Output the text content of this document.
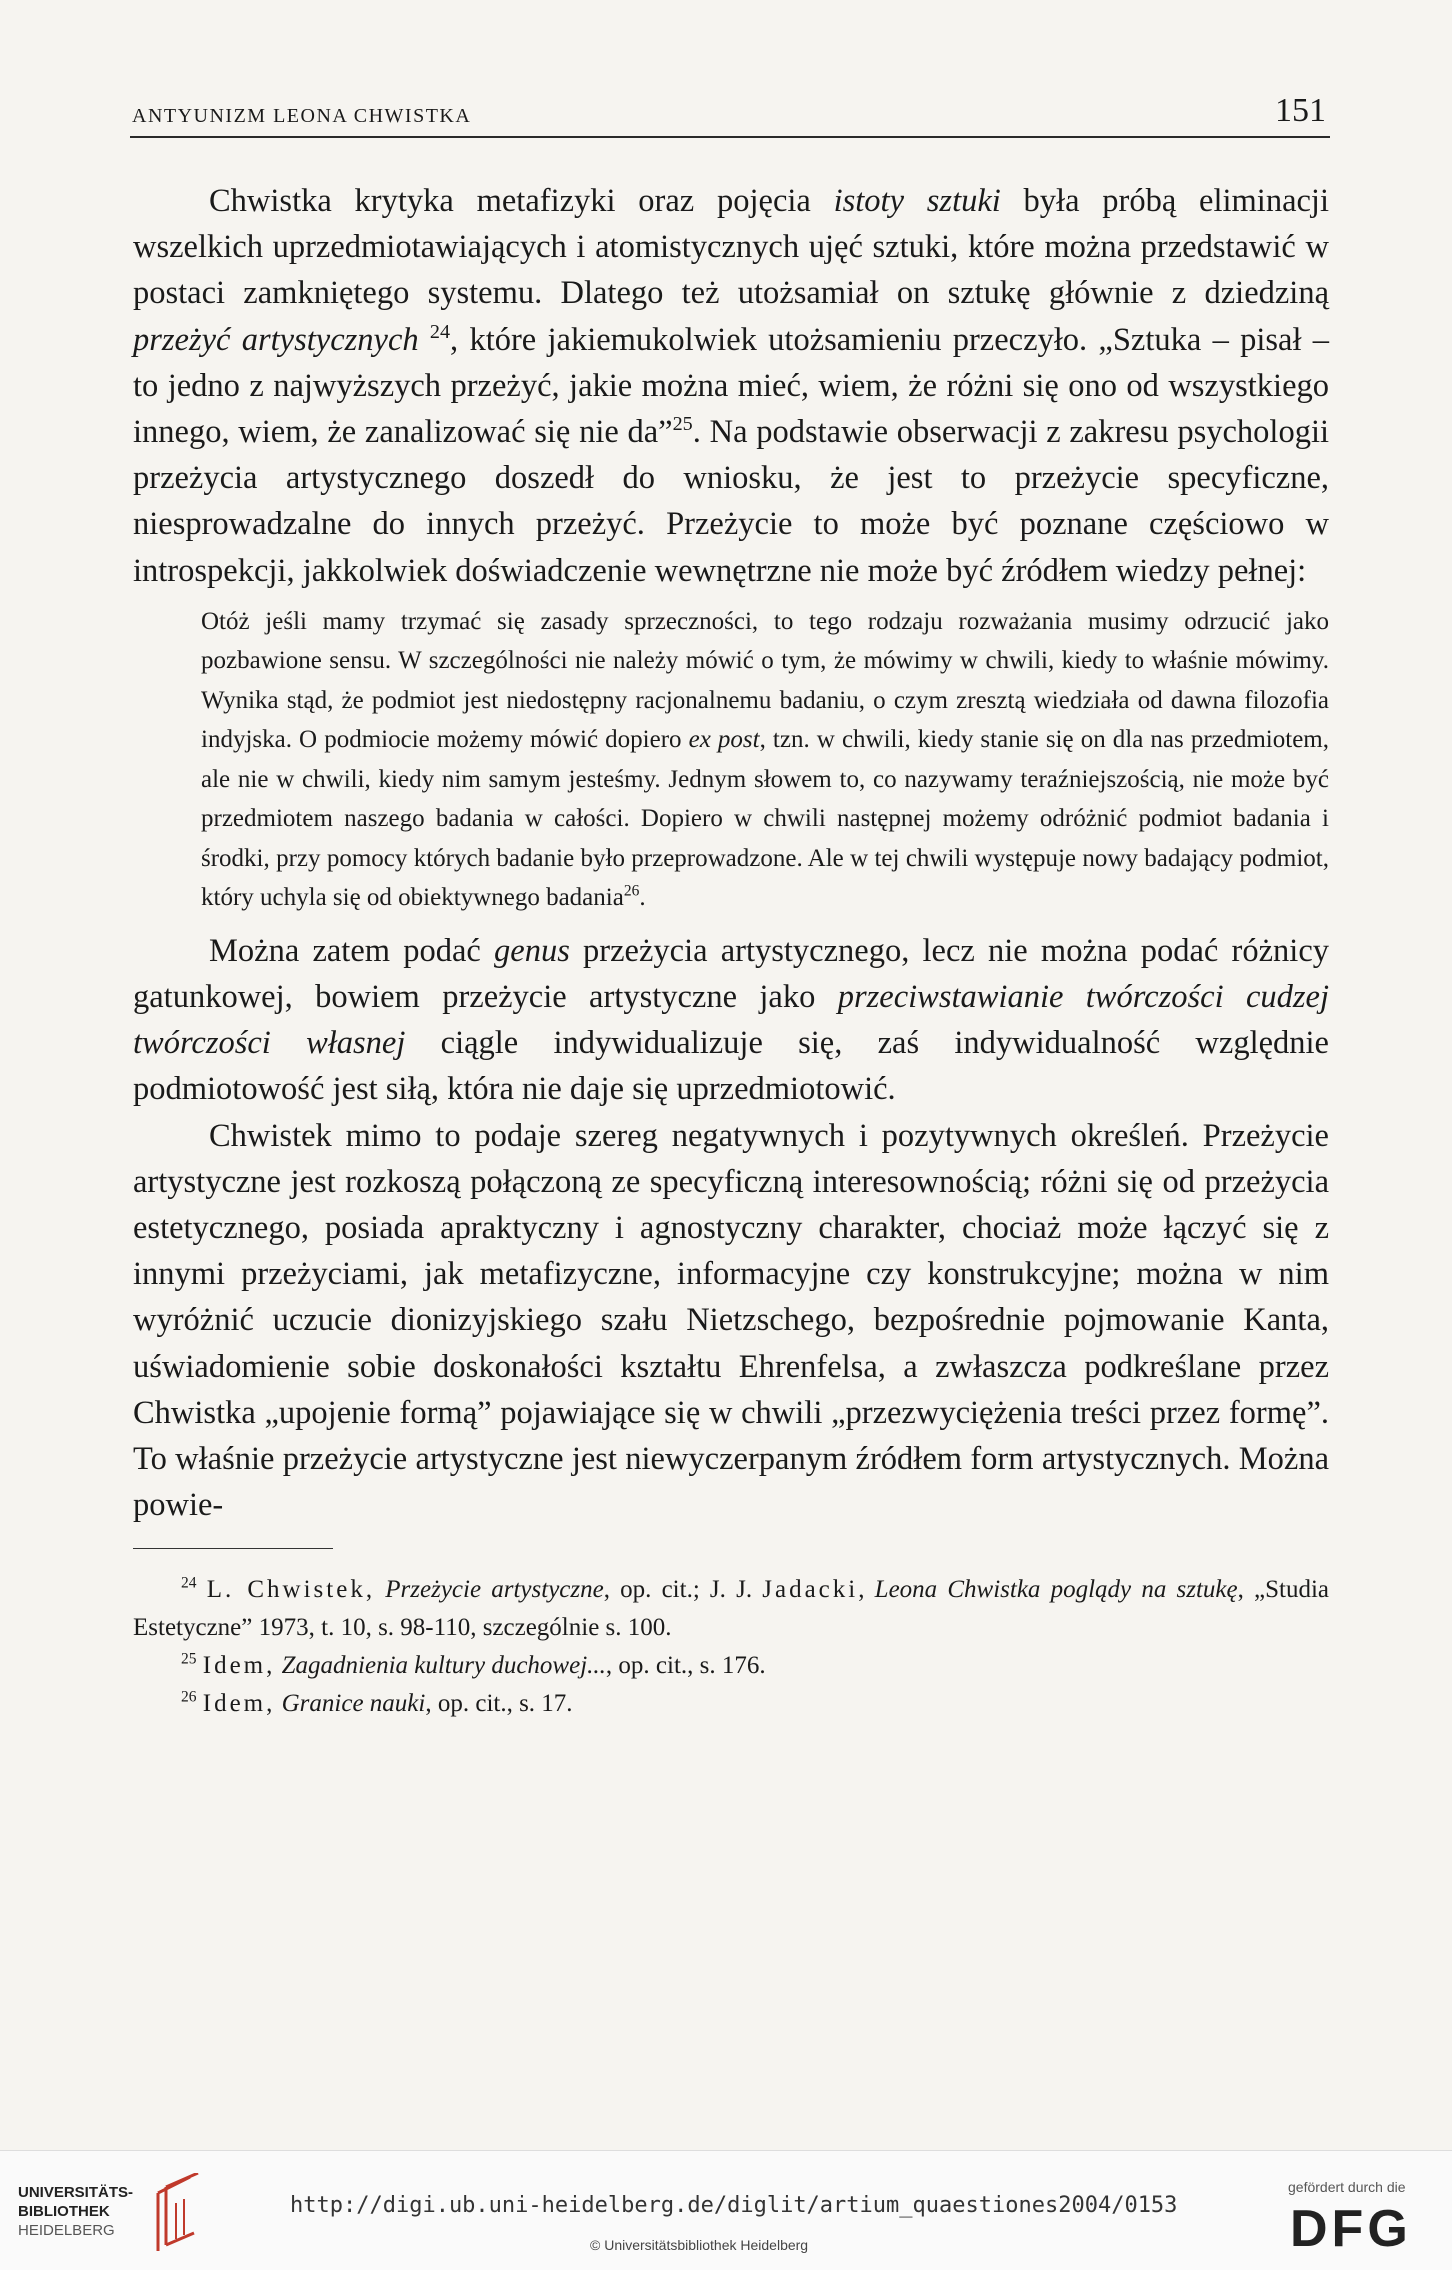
ANTYUNIZM LEONA CHWISTKA	151

Chwistka krytyka metafizyki oraz pojęcia istoty sztuki była próbą eliminacji wszelkich uprzedmiotawiających i atomistycznych ujęć sztuki, które można przedstawić w postaci zamkniętego systemu. Dlatego też utożsamiał on sztukę głównie z dziedziną przeżyć artystycznych $^{24}$, które jakiemukolwiek utożsamieniu przeczyło. „Sztuka – pisał – to jedno z najwyższych przeżyć, jakie można mieć, wiem, że różni się ono od wszystkiego innego, wiem, że zanalizować się nie da”$^{25}$. Na podstawie obserwacji z zakresu psychologii przeżycia artystycznego doszedł do wniosku, że jest to przeżycie specyficzne, niesprowadzalne do innych przeżyć. Przeżycie to może być poznane częściowo w introspekcji, jakkolwiek doświadczenie wewnętrzne nie może być źródłem wiedzy pełnej:

Otóż jeśli mamy trzymać się zasady sprzeczności, to tego rodzaju rozważania musimy odrzucić jako pozbawione sensu. W szczególności nie należy mówić o tym, że mówimy w chwili, kiedy to właśnie mówimy. Wynika stąd, że podmiot jest niedostępny racjonalnemu badaniu, o czym zresztą wiedziała od dawna filozofia indyjska. O podmiocie możemy mówić dopiero ex post, tzn. w chwili, kiedy stanie się on dla nas przedmiotem, ale nie w chwili, kiedy nim samym jesteśmy. Jednym słowem to, co nazywamy teraźniejszością, nie może być przedmiotem naszego badania w całości. Dopiero w chwili następnej możemy odróżnić podmiot badania i środki, przy pomocy których badanie było przeprowadzone. Ale w tej chwili występuje nowy badający podmiot, który uchyla się od obiektywnego badania$^{26}$.

Można zatem podać genus przeżycia artystycznego, lecz nie można podać różnicy gatunkowej, bowiem przeżycie artystyczne jako przeciwstawianie twórczości cudzej twórczości własnej ciągle indywidualizuje się, zaś indywidualność względnie podmiotowość jest siłą, która nie daje się uprzedmiotowić.

Chwistek mimo to podaje szereg negatywnych i pozytywnych określeń. Przeżycie artystyczne jest rozkoszą połączoną ze specyficzną interesownością; różni się od przeżycia estetycznego, posiada apraktyczny i agnostyczny charakter, chociaż może łączyć się z innymi przeżyciami, jak metafizyczne, informacyjne czy konstrukcyjne; można w nim wyróżnić uczucie dionizyjskiego szału Nietzschego, bezpośrednie pojmowanie Kanta, uświadomienie sobie doskonałości kształtu Ehrenfelsa, a zwłaszcza podkreślane przez Chwistka „upojenie formą” pojawiające się w chwili „przezwyciężenia treści przez formę”. To właśnie przeżycie artystyczne jest niewyczerpanym źródłem form artystycznych. Można powie-

$^{24}$ L. Chwistek, Przeżycie artystyczne, op. cit.; J. J. Jadacki, Leona Chwistka poglądy na sztukę, „Studia Estetyczne” 1973, t. 10, s. 98-110, szczególnie s. 100.
$^{25}$ Idem, Zagadnienia kultury duchowej..., op. cit., s. 176.
$^{26}$ Idem, Granice nauki, op. cit., s. 17.
UNIVERSITÄTS-
BIBLIOTHEK
HEIDELBERG
http://digi.ub.uni-heidelberg.de/diglit/artium_quaestiones2004/0153
© Universitätsbibliothek Heidelberg
gefördert durch die
DFG
